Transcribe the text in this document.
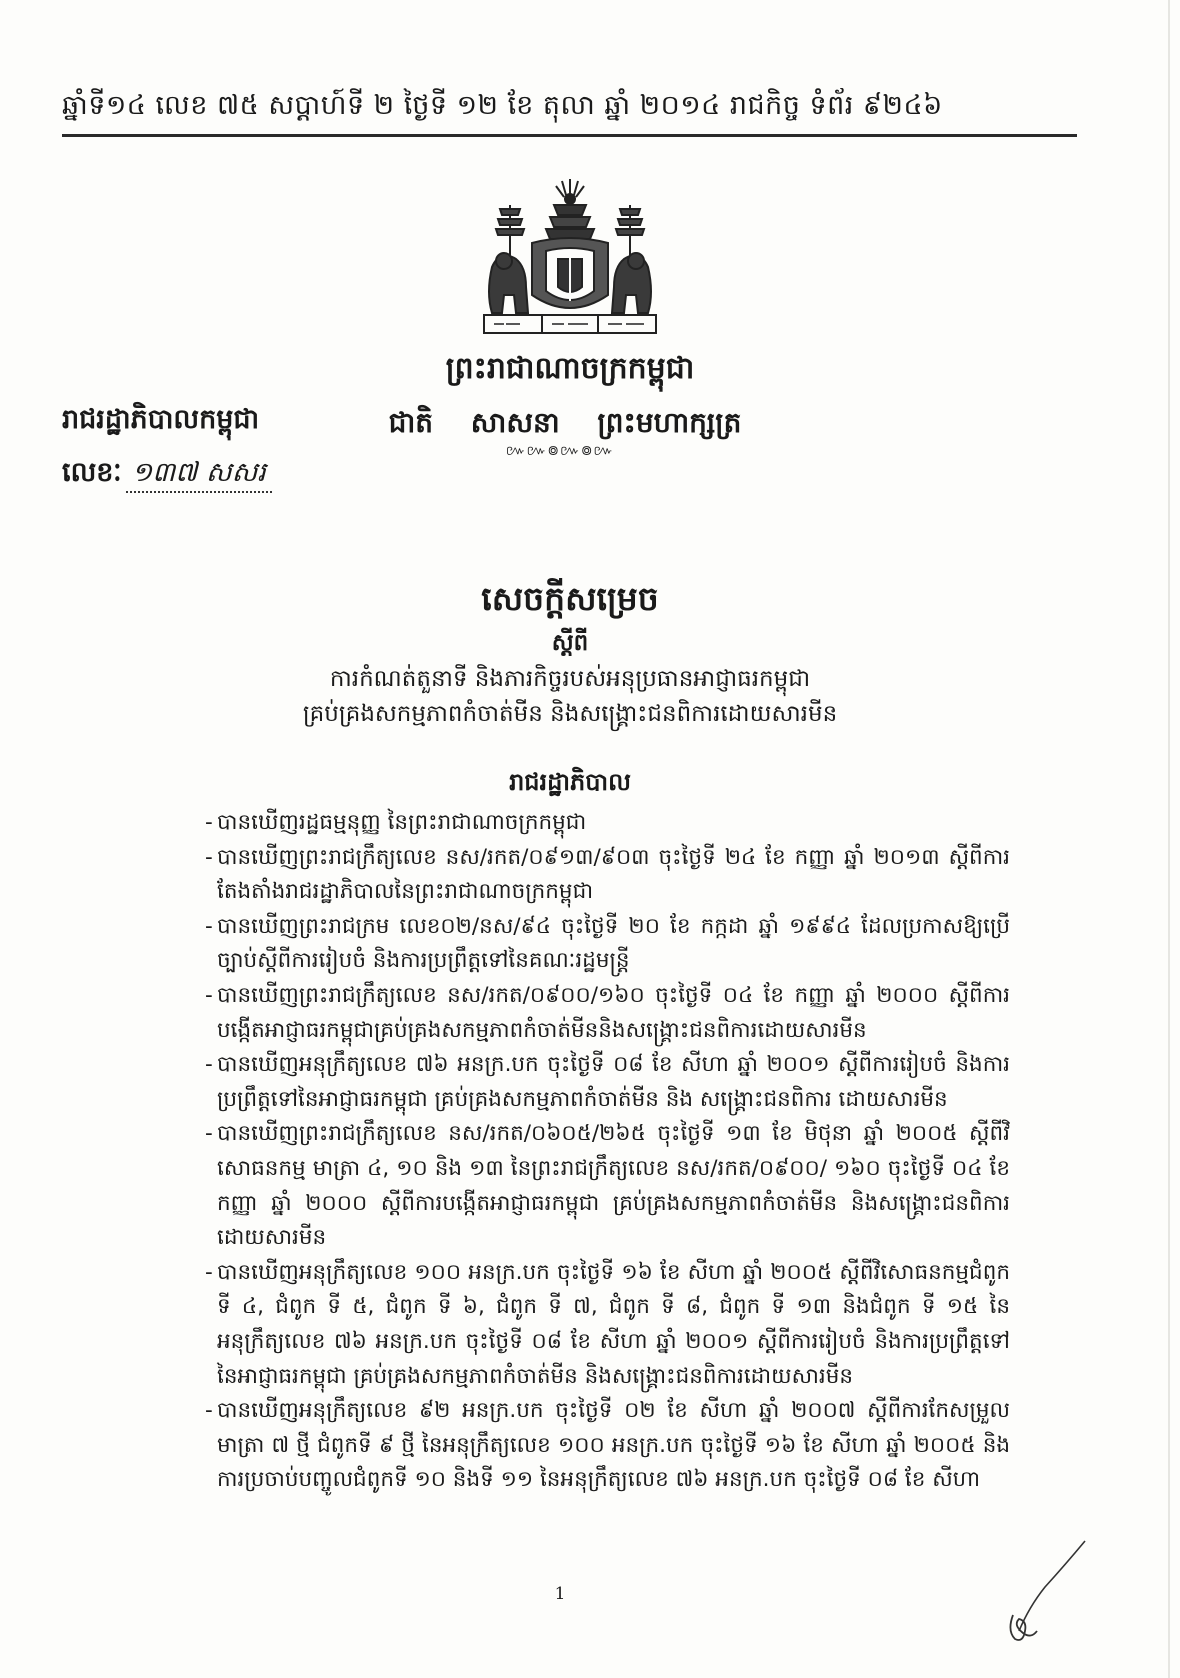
ឆ្នាំទី១៤ លេខ ៧៥ សប្តាហ៍ទី ២ ថ្ងៃទី ១២ ខែ តុលា ឆ្នាំ ២០១៤ រាជកិច្ច ទំព័រ ៩២៤៦
ព្រះរាជាណាចក្រកម្ពុជា
ជាតិ សាសនា ព្រះមហាក្សត្រ
៚៚៙៚៙៚
រាជរដ្ឋាភិបាលកម្ពុជា
លេខៈ ១៣៧ សសរ
សេចក្តីសម្រេច
ស្តីពី
ការកំណត់តួនាទី និងភារកិច្ចរបស់អនុប្រធានអាជ្ញាធរកម្ពុជា
គ្រប់គ្រងសកម្មភាពកំចាត់មីន និងសង្គ្រោះជនពិការដោយសារមីន
រាជរដ្ឋាភិបាល
- បានឃើញរដ្ឋធម្មនុញ្ញ នៃព្រះរាជាណាចក្រកម្ពុជា
- បានឃើញព្រះរាជក្រឹត្យលេខ នស/រកត/០៩១៣/៩០៣ ចុះថ្ងៃទី ២៤ ខែ កញ្ញា ឆ្នាំ ២០១៣ ស្តីពីការតែងតាំងរាជរដ្ឋាភិបាលនៃព្រះរាជាណាចក្រកម្ពុជា
- បានឃើញព្រះរាជក្រម លេខ០២/នស/៩៤ ចុះថ្ងៃទី ២០ ខែ កក្កដា ឆ្នាំ ១៩៩៤ ដែលប្រកាសឱ្យប្រើច្បាប់ស្តីពីការរៀបចំ និងការប្រព្រឹត្តទៅនៃគណៈរដ្ឋមន្ត្រី
- បានឃើញព្រះរាជក្រឹត្យលេខ នស/រកត/០៩០០/១៦០ ចុះថ្ងៃទី ០៤ ខែ កញ្ញា ឆ្នាំ ២០០០ ស្តីពីការបង្កើតអាជ្ញាធរកម្ពុជាគ្រប់គ្រងសកម្មភាពកំចាត់មីននិងសង្គ្រោះជនពិការដោយសារមីន
- បានឃើញអនុក្រឹត្យលេខ ៧៦ អនក្រ.បក ចុះថ្ងៃទី ០៨ ខែ សីហា ឆ្នាំ ២០០១ ស្តីពីការរៀបចំ និងការប្រព្រឹត្តទៅនៃអាជ្ញាធរកម្ពុជា គ្រប់គ្រងសកម្មភាពកំចាត់មីន និង សង្គ្រោះជនពិការ ដោយសារមីន
- បានឃើញព្រះរាជក្រឹត្យលេខ នស/រកត/០៦០៥/២៦៥ ចុះថ្ងៃទី ១៣ ខែ មិថុនា ឆ្នាំ ២០០៥ ស្តីពីវិសោធនកម្ម មាត្រា ៤, ១០ និង ១៣ នៃព្រះរាជក្រឹត្យលេខ នស/រកត/០៩០០/ ១៦០ ចុះថ្ងៃទី ០៤ ខែ កញ្ញា ឆ្នាំ ២០០០ ស្តីពីការបង្កើតអាជ្ញាធរកម្ពុជា គ្រប់គ្រងសកម្មភាពកំចាត់មីន និងសង្គ្រោះជនពិការដោយសារមីន
- បានឃើញអនុក្រឹត្យលេខ ១០០ អនក្រ.បក ចុះថ្ងៃទី ១៦ ខែ សីហា ឆ្នាំ ២០០៥ ស្តីពីវិសោធនកម្មជំពូក ទី ៤, ជំពូក ទី ៥, ជំពូក ទី ៦, ជំពូក ទី ៧, ជំពូក ទី ៨, ជំពូក ទី ១៣ និងជំពូក ទី ១៥ នៃអនុក្រឹត្យលេខ ៧៦ អនក្រ.បក ចុះថ្ងៃទី ០៨ ខែ សីហា ឆ្នាំ ២០០១ ស្តីពីការរៀបចំ និងការប្រព្រឹត្តទៅនៃអាជ្ញាធរកម្ពុជា គ្រប់គ្រងសកម្មភាពកំចាត់មីន និងសង្គ្រោះជនពិការដោយសារមីន
- បានឃើញអនុក្រឹត្យលេខ ៩២ អនក្រ.បក ចុះថ្ងៃទី ០២ ខែ សីហា ឆ្នាំ ២០០៧ ស្តីពីការកែសម្រួលមាត្រា ៧ ថ្មី ជំពូកទី ៩ ថ្មី នៃអនុក្រឹត្យលេខ ១០០ អនក្រ.បក ចុះថ្ងៃទី ១៦ ខែ សីហា ឆ្នាំ ២០០៥ និងការប្រចាប់បញ្ចូលជំពូកទី ១០ និងទី ១១ នៃអនុក្រឹត្យលេខ ៧៦ អនក្រ.បក ចុះថ្ងៃទី ០៨ ខែ សីហា
1
